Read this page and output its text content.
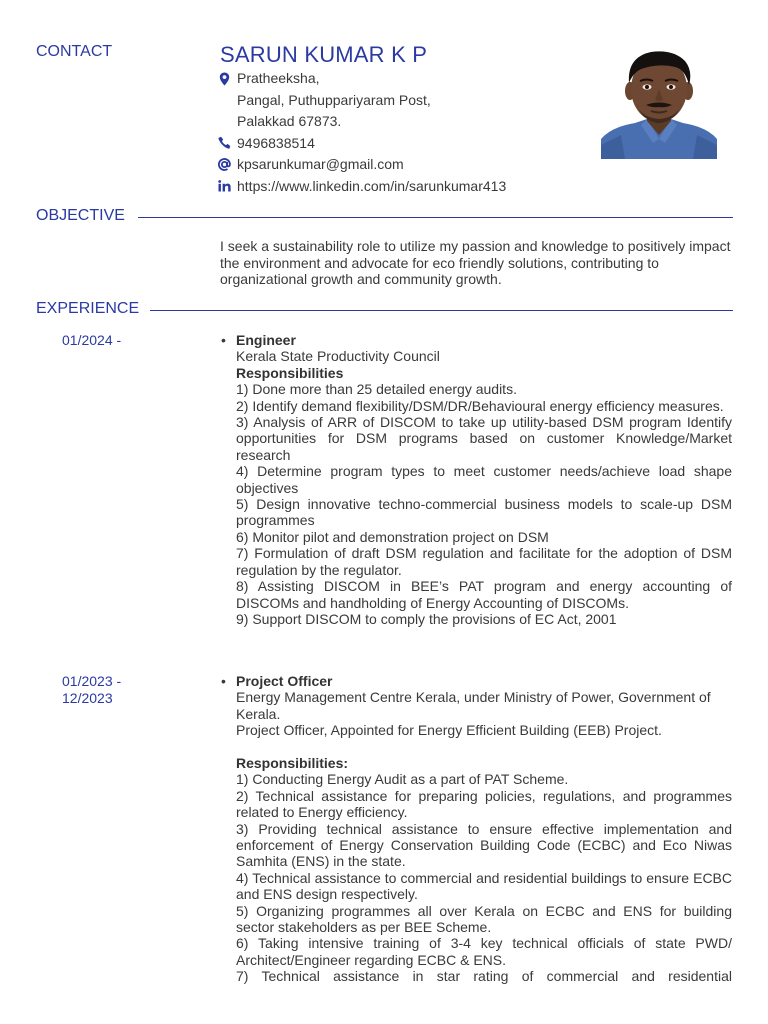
CONTACT	SARUN KUMAR K P
Pratheeksha,
Pangal, Puthuppariyaram Post,
Palakkad 67873.
9496838514
kpsarunkumar@gmail.com
https://www.linkedin.com/in/sarunkumar413
OBJECTIVE
I seek a sustainability role to utilize my passion and knowledge to positively impact the environment and advocate for eco friendly solutions, contributing to organizational growth and community growth.
EXPERIENCE
01/2024 -	• Engineer
Kerala State Productivity Council
Responsibilities
1) Done more than 25 detailed energy audits.
2) Identify demand flexibility/DSM/DR/Behavioural energy efficiency measures.
3) Analysis of ARR of DISCOM to take up utility-based DSM program Identify opportunities for DSM programs based on customer Knowledge/Market research
4) Determine program types to meet customer needs/achieve load shape objectives
5) Design innovative techno-commercial business models to scale-up DSM programmes
6) Monitor pilot and demonstration project on DSM
7) Formulation of draft DSM regulation and facilitate for the adoption of DSM regulation by the regulator.
8) Assisting DISCOM in BEE’s PAT program and energy accounting of DISCOMs and handholding of Energy Accounting of DISCOMs.
9) Support DISCOM to comply the provisions of EC Act, 2001
01/2023 -
12/2023
• Project Officer
Energy Management Centre Kerala, under Ministry of Power, Government of Kerala.
Project Officer, Appointed for Energy Efficient Building (EEB) Project.
Responsibilities:
1) Conducting Energy Audit as a part of PAT Scheme.
2) Technical assistance for preparing policies, regulations, and programmes related to Energy efficiency.
3) Providing technical assistance to ensure effective implementation and enforcement of Energy Conservation Building Code (ECBC) and Eco Niwas Samhita (ENS) in the state.
4) Technical assistance to commercial and residential buildings to ensure ECBC and ENS design respectively.
5) Organizing programmes all over Kerala on ECBC and ENS for building sector stakeholders as per BEE Scheme.
6) Taking intensive training of 3-4 key technical officials of state PWD/ Architect/Engineer regarding ECBC & ENS.
7) Technical assistance in star rating of commercial and residential
